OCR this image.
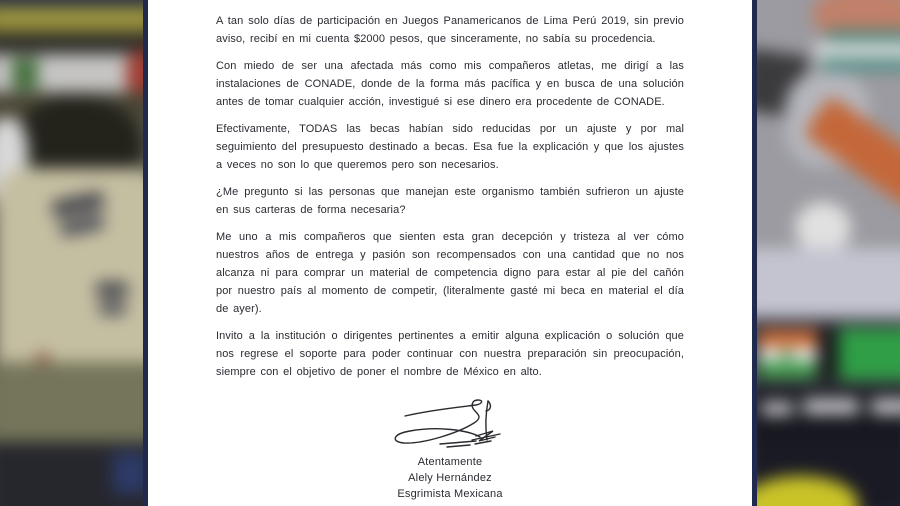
A tan solo días de participación en Juegos Panamericanos de Lima Perú 2019, sin previo aviso, recibí en mi cuenta $2000 pesos, que sinceramente, no sabía su procedencia.

Con miedo de ser una afectada más como mis compañeros atletas, me dirigí a las instalaciones de CONADE, donde de la forma más pacífica y en busca de una solución antes de tomar cualquier acción, investigué si ese dinero era procedente de CONADE.

Efectivamente, TODAS las becas habían sido reducidas por un ajuste y por mal seguimiento del presupuesto destinado a becas. Esa fue la explicación y que los ajustes a veces no son lo que queremos pero son necesarios.

¿Me pregunto si las personas que manejan este organismo también sufrieron un ajuste en sus carteras de forma necesaria?

Me uno a mis compañeros que sienten esta gran decepción y tristeza al ver cómo nuestros años de entrega y pasión son recompensados con una cantidad que no nos alcanza ni para comprar un material de competencia digno para estar al pie del cañón por nuestro país al momento de competir, (literalmente gasté mi beca en material el día de ayer).

Invito a la institución o dirigentes pertinentes a emitir alguna explicación o solución que nos regrese el soporte para poder continuar con nuestra preparación sin preocupación, siempre con el objetivo de poner el nombre de México en alto.

Atentamente
Alely Hernández
Esgrimista Mexicana
